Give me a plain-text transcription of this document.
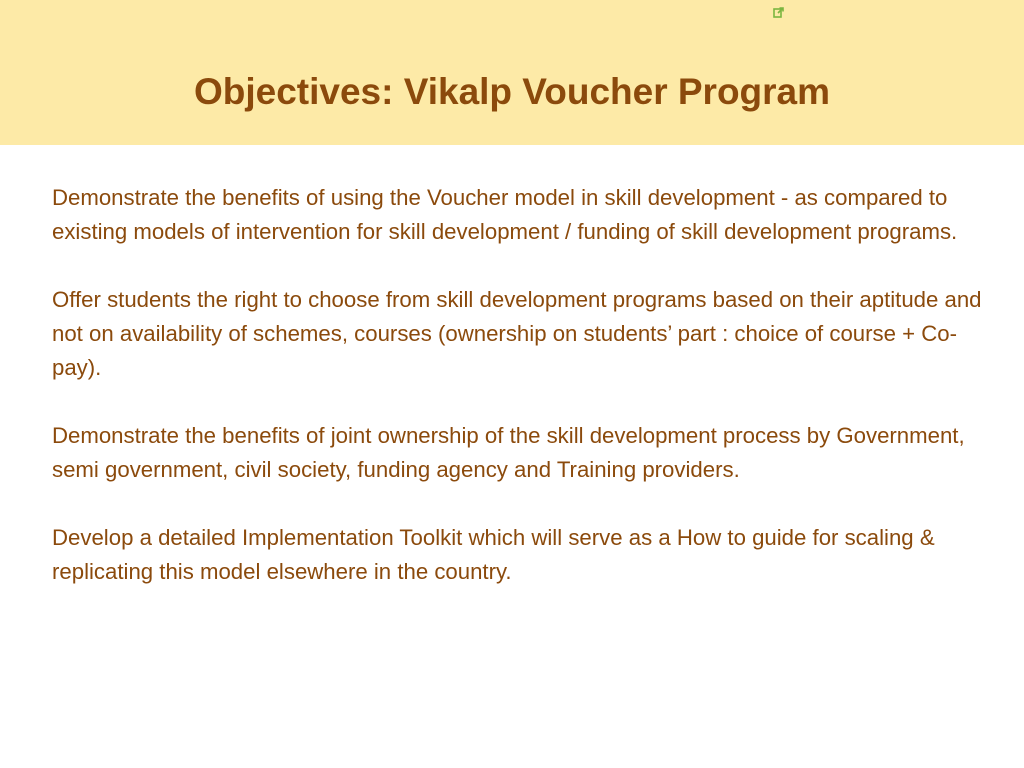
Objectives: Vikalp Voucher Program

Demonstrate the benefits of using the Voucher model in skill development - as compared to existing models of intervention for skill development / funding of skill development programs.

Offer students the right to choose from skill development programs based on their aptitude and not on availability of schemes, courses (ownership on students’ part : choice of course + Co-pay).

Demonstrate the benefits of joint ownership of the skill development process by Government, semi government, civil society, funding agency and Training providers.

Develop a detailed Implementation Toolkit which will serve as a How to guide for scaling & replicating this model elsewhere in the country.
